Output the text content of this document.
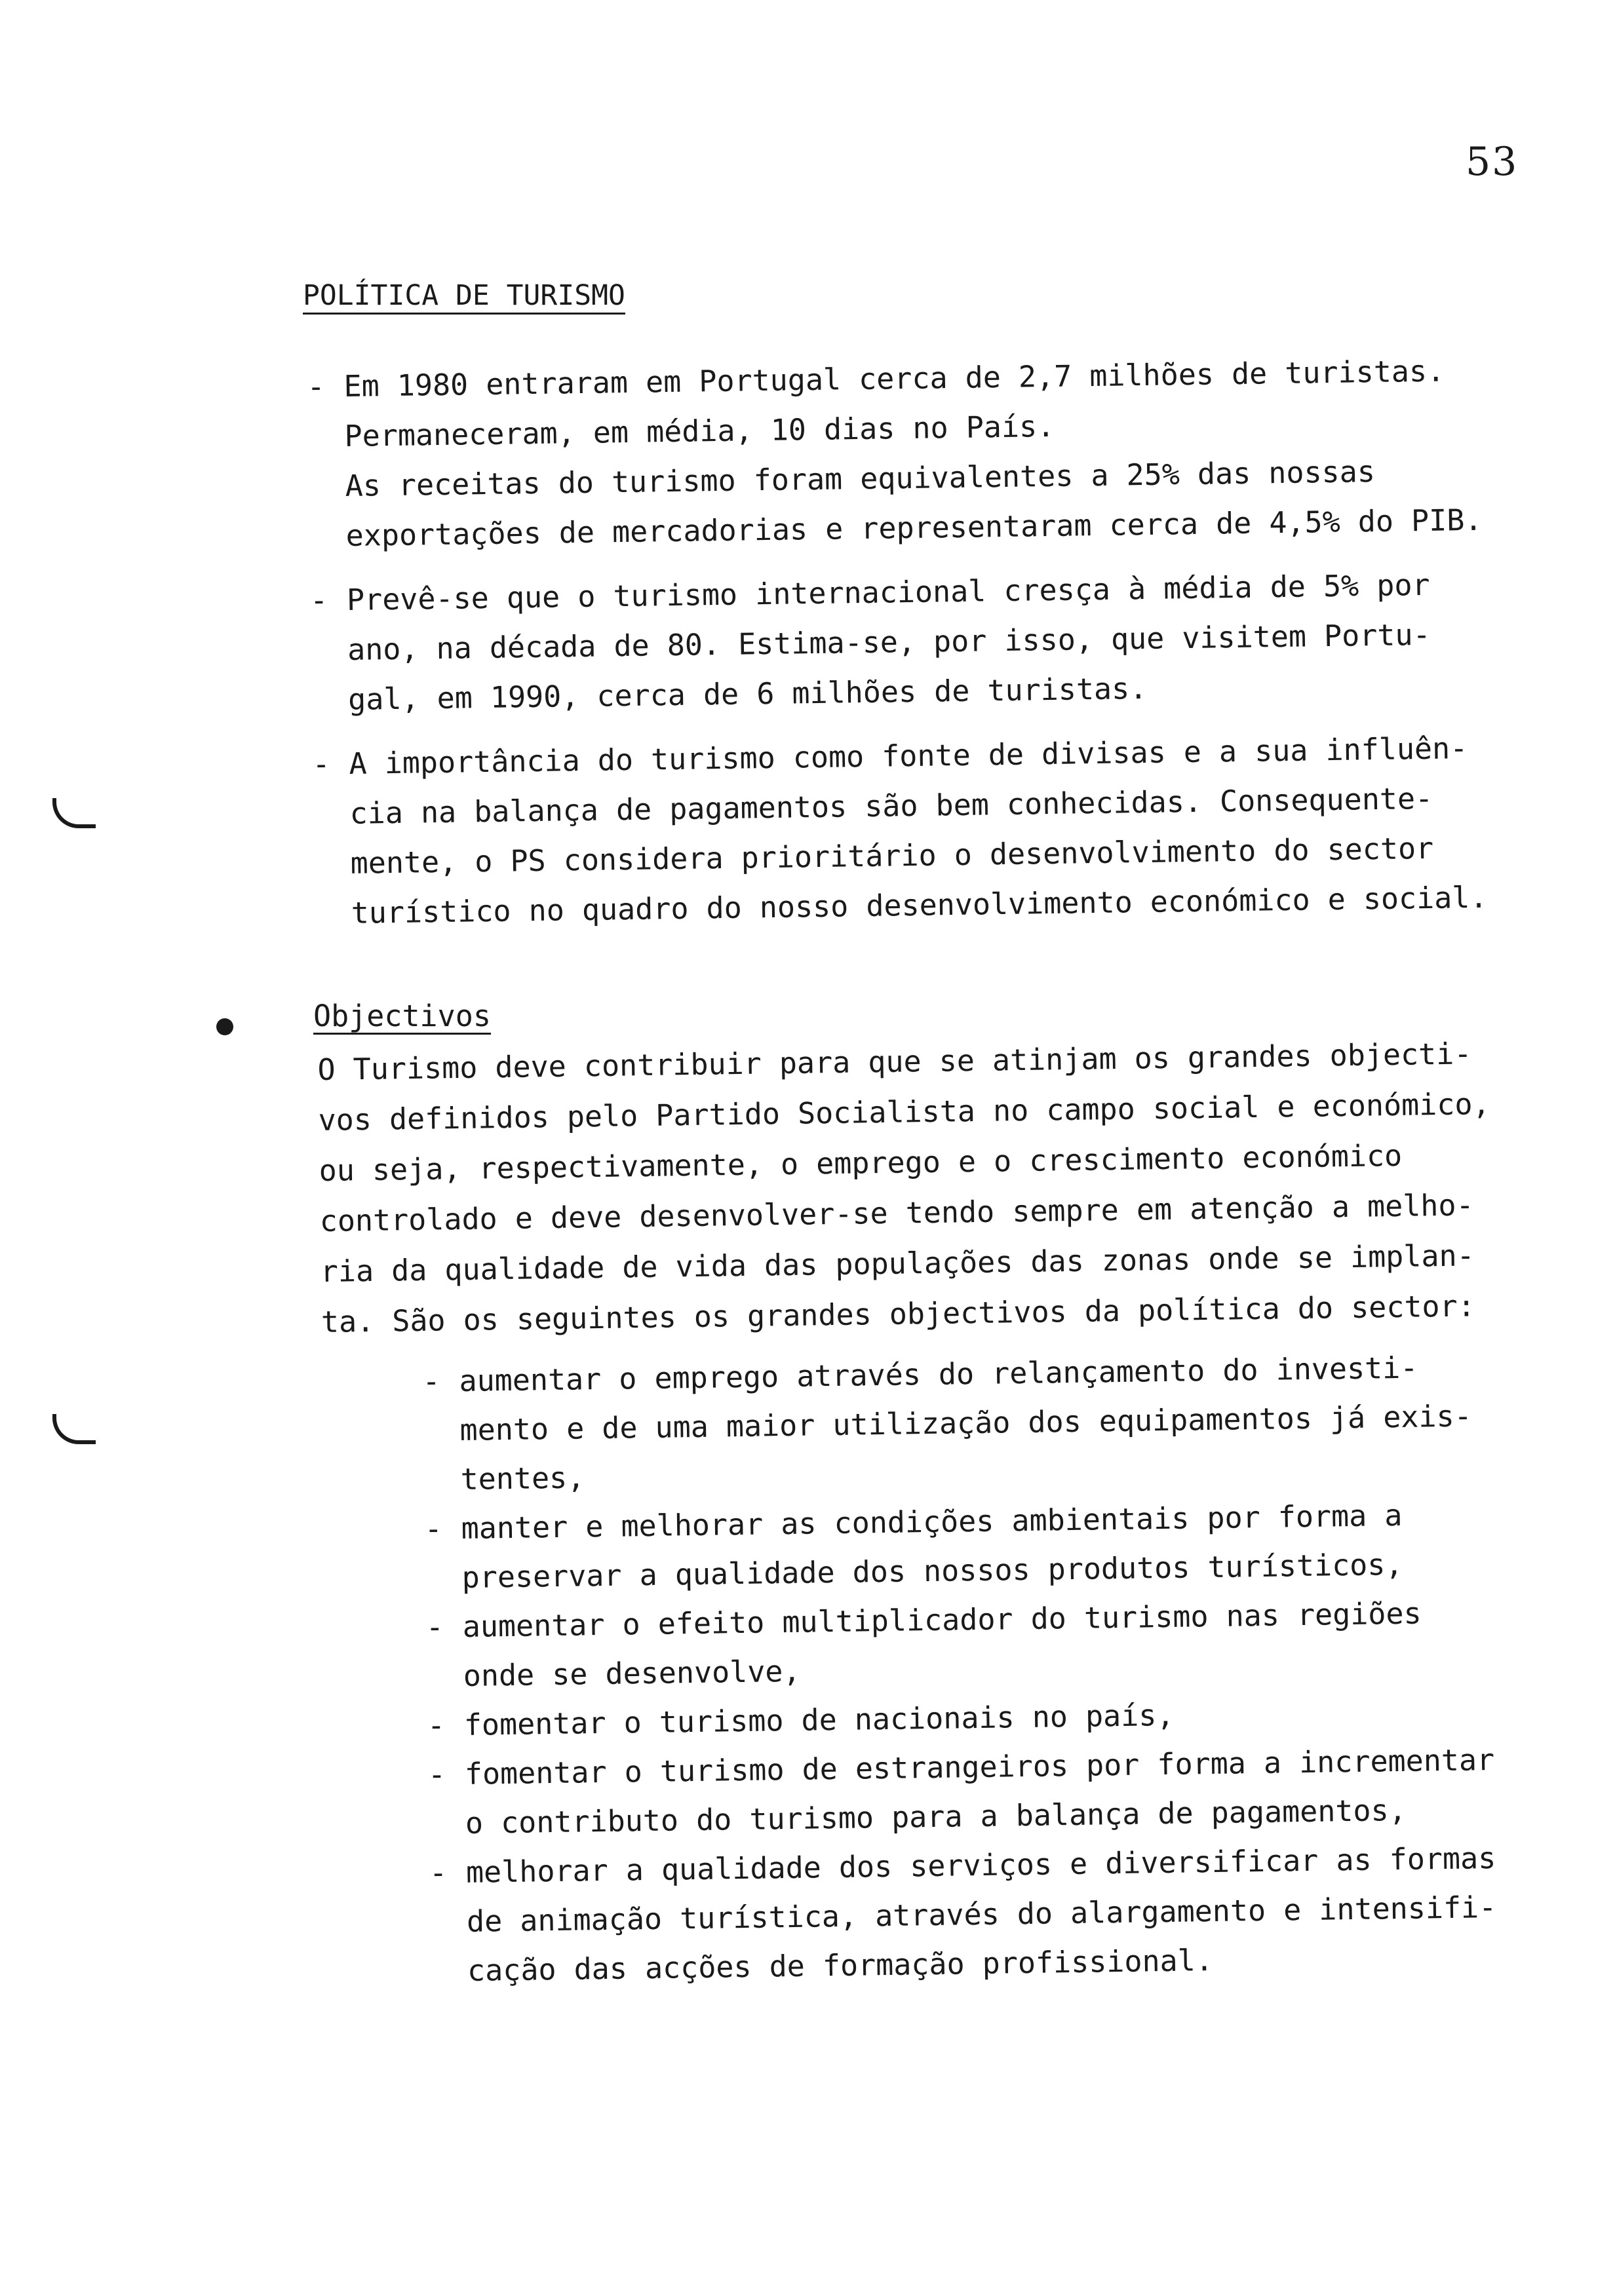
53
POLÍTICA DE TURISMO
- Em 1980 entraram em Portugal cerca de 2,7 milhões de turistas.
Permaneceram, em média, 10 dias no País.
As receitas do turismo foram equivalentes a 25% das nossas
exportações de mercadorias e representaram cerca de 4,5% do PIB.
- Prevê-se que o turismo internacional cresça à média de 5% por
ano, na década de 80. Estima-se, por isso, que visitem Portu-
gal, em 1990, cerca de 6 milhões de turistas.
- A importância do turismo como fonte de divisas e a sua influên-
cia na balança de pagamentos são bem conhecidas. Consequente-
mente, o PS considera prioritário o desenvolvimento do sector
turístico no quadro do nosso desenvolvimento económico e social.
Objectivos
O Turismo deve contribuir para que se atinjam os grandes objecti-
vos definidos pelo Partido Socialista no campo social e económico,
ou seja, respectivamente, o emprego e o crescimento económico
controlado e deve desenvolver-se tendo sempre em atenção a melho-
ria da qualidade de vida das populações das zonas onde se implan-
ta. São os seguintes os grandes objectivos da política do sector:
- aumentar o emprego através do relançamento do investi-
mento e de uma maior utilização dos equipamentos já exis-
tentes,
- manter e melhorar as condições ambientais por forma a
preservar a qualidade dos nossos produtos turísticos,
- aumentar o efeito multiplicador do turismo nas regiões
onde se desenvolve,
- fomentar o turismo de nacionais no país,
- fomentar o turismo de estrangeiros por forma a incrementar
o contributo do turismo para a balança de pagamentos,
- melhorar a qualidade dos serviços e diversificar as formas
de animação turística, através do alargamento e intensifi-
cação das acções de formação profissional.
